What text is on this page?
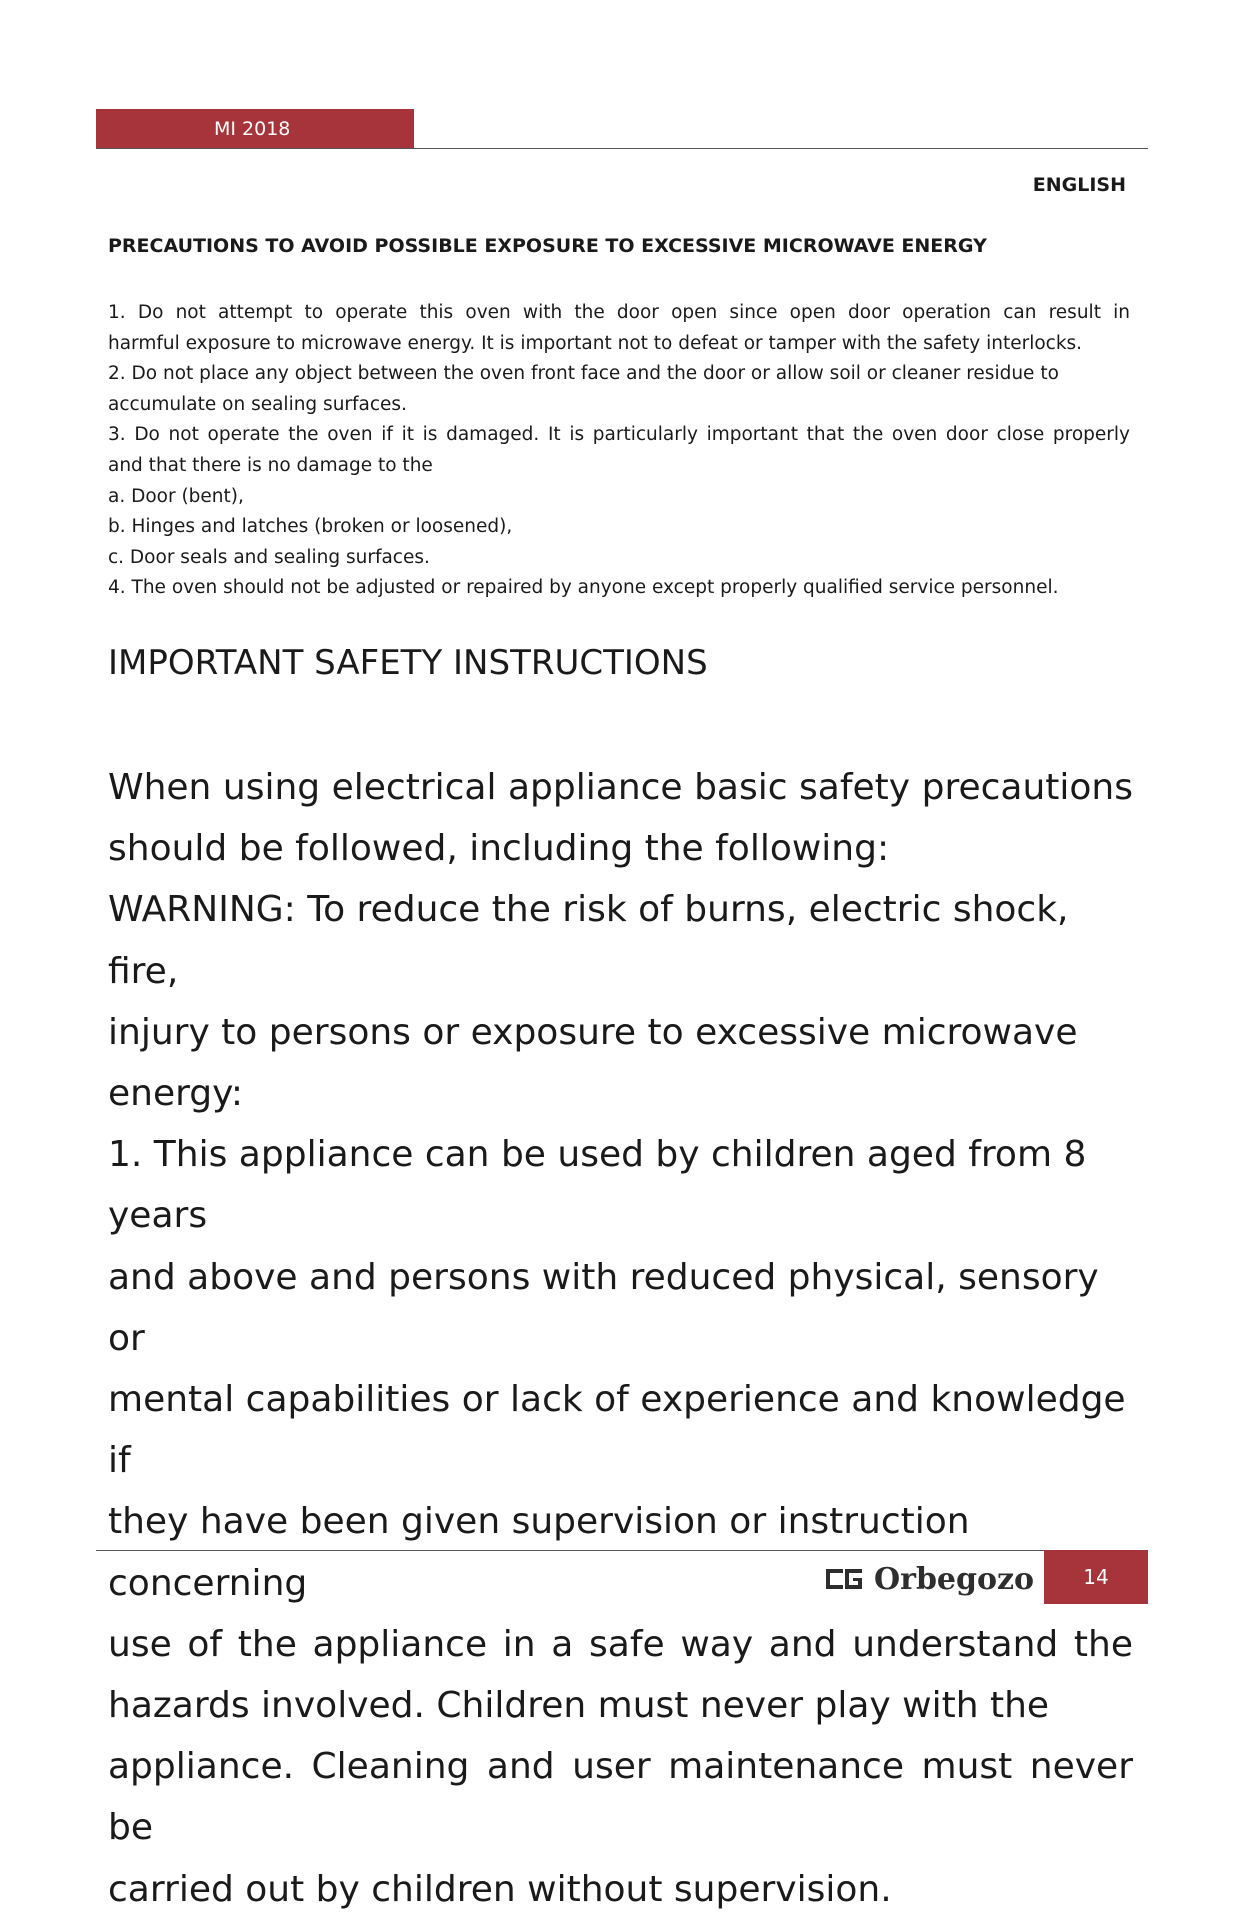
MI 2018
ENGLISH
PRECAUTIONS TO AVOID POSSIBLE EXPOSURE TO EXCESSIVE MICROWAVE ENERGY

1. Do not attempt to operate this oven with the door open since open door operation can result in

harmful exposure to microwave energy. It is important not to defeat or tamper with the safety interlocks.

2. Do not place any object between the oven front face and the door or allow soil or cleaner residue to

accumulate on sealing surfaces.

3. Do not operate the oven if it is damaged. It is particularly important that the oven door close properly

and that there is no damage to the

a. Door (bent),

b. Hinges and latches (broken or loosened),

c. Door seals and sealing surfaces.

4. The oven should not be adjusted or repaired by anyone except properly qualified service personnel.

IMPORTANT SAFETY INSTRUCTIONS

When using electrical appliance basic safety precautions

should be followed, including the following:

WARNING: To reduce the risk of burns, electric shock, fire,

injury to persons or exposure to excessive microwave

energy:

1. This appliance can be used by children aged from 8 years

and above and persons with reduced physical, sensory or

mental capabilities or lack of experience and knowledge if

they have been given supervision or instruction concerning

use of the appliance in a safe way and understand the

hazards involved. Children must never play with the

appliance. Cleaning and user maintenance must never be

carried out by children without supervision.

Orbegozo	14
